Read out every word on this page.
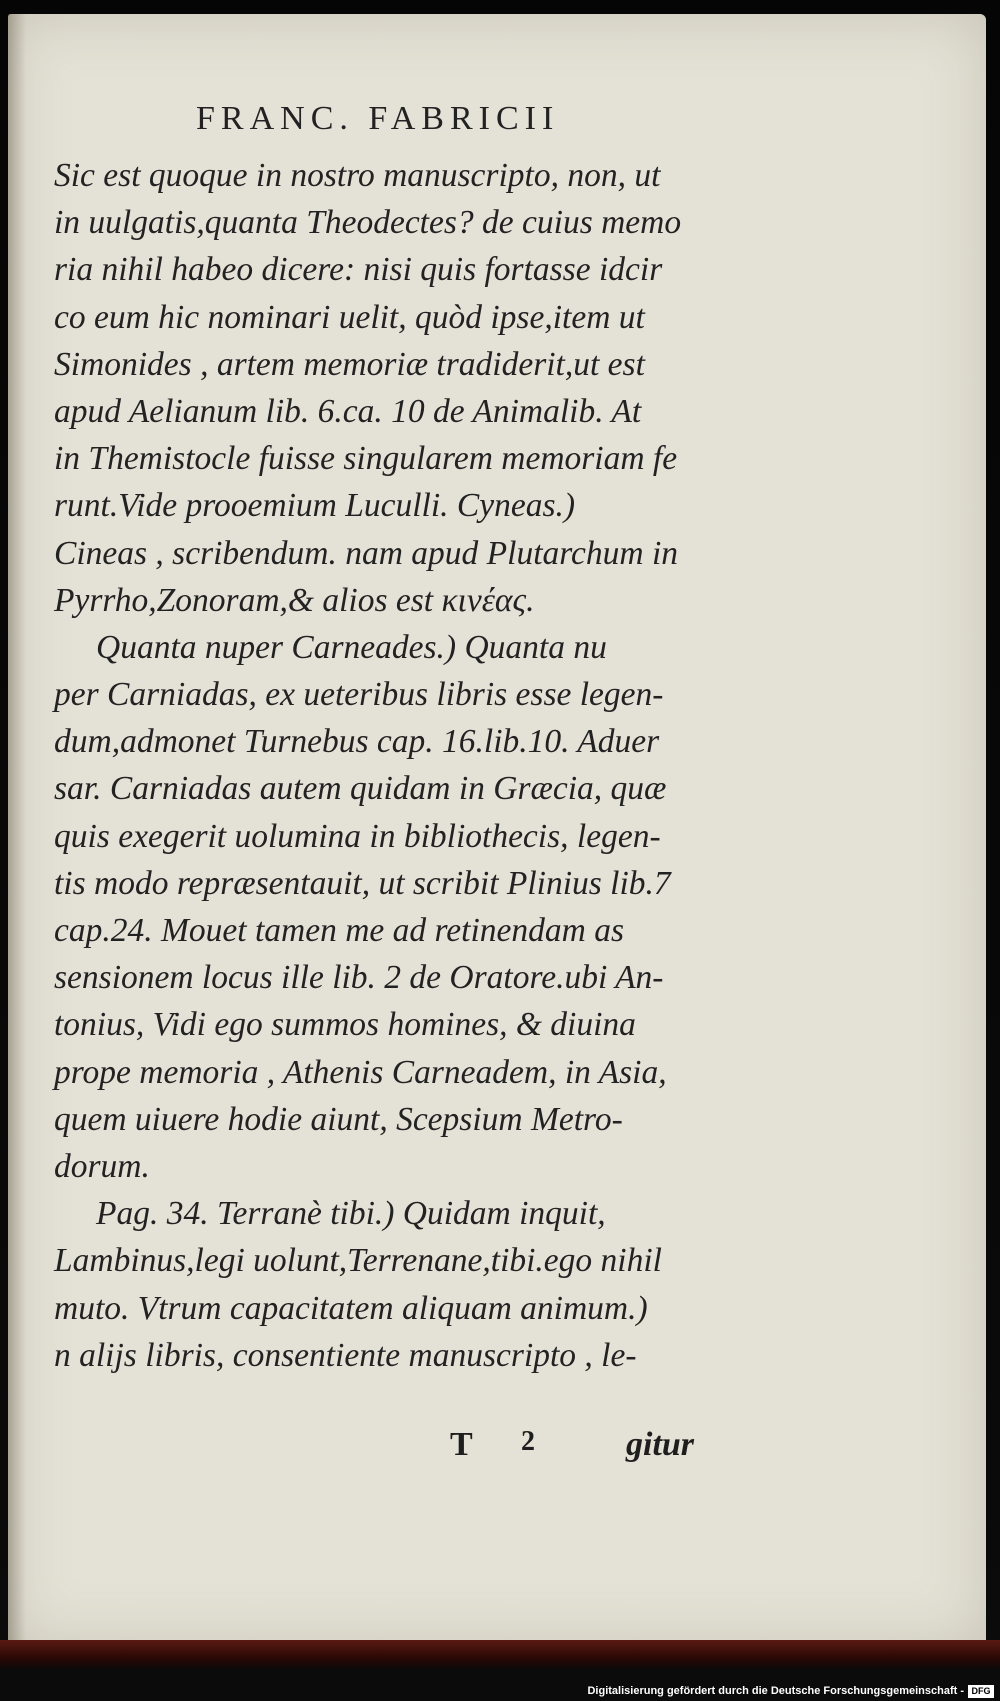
FRANC. FABRICII
Sic est quoque in nostro manuscripto, non, ut
in uulgatis,quanta Theodectes? de cuius memo
ria nihil habeo dicere: nisi quis fortasse idcir
co eum hic nominari uelit, quòd ipse,item ut
Simonides , artem memoriæ tradiderit,ut est
apud Aelianum lib. 6.ca. 10 de Animalib. At
in Themistocle fuisse singularem memoriam fe
runt.Vide prooemium Luculli. Cyneas.)
Cineas , scribendum. nam apud Plutarchum in
Pyrrho,Zonoram,& alios est κινέας.
Quanta nuper Carneades.) Quanta nu
per Carniadas, ex ueteribus libris esse legen-
dum,admonet Turnebus cap. 16.lib.10. Aduer
sar. Carniadas autem quidam in Græcia, quæ
quis exegerit uolumina in bibliothecis, legen-
tis modo repræsentauit, ut scribit Plinius lib.7
cap.24. Mouet tamen me ad retinendam as
sensionem locus ille lib. 2 de Oratore.ubi An-
tonius, Vidi ego summos homines, & diuina
prope memoria , Athenis Carneadem, in Asia,
quem uiuere hodie aiunt, Scepsium Metro-
dorum.
Pag. 34. Terranè tibi.) Quidam inquit,
Lambinus,legi uolunt,Terrenane,tibi.ego nihil
muto. Vtrum capacitatem aliquam animum.)
n alijs libris, consentiente manuscripto , le-
T 2	gitur
Digitalisierung gefördert durch die Deutsche Forschungsgemeinschaft - DFG
